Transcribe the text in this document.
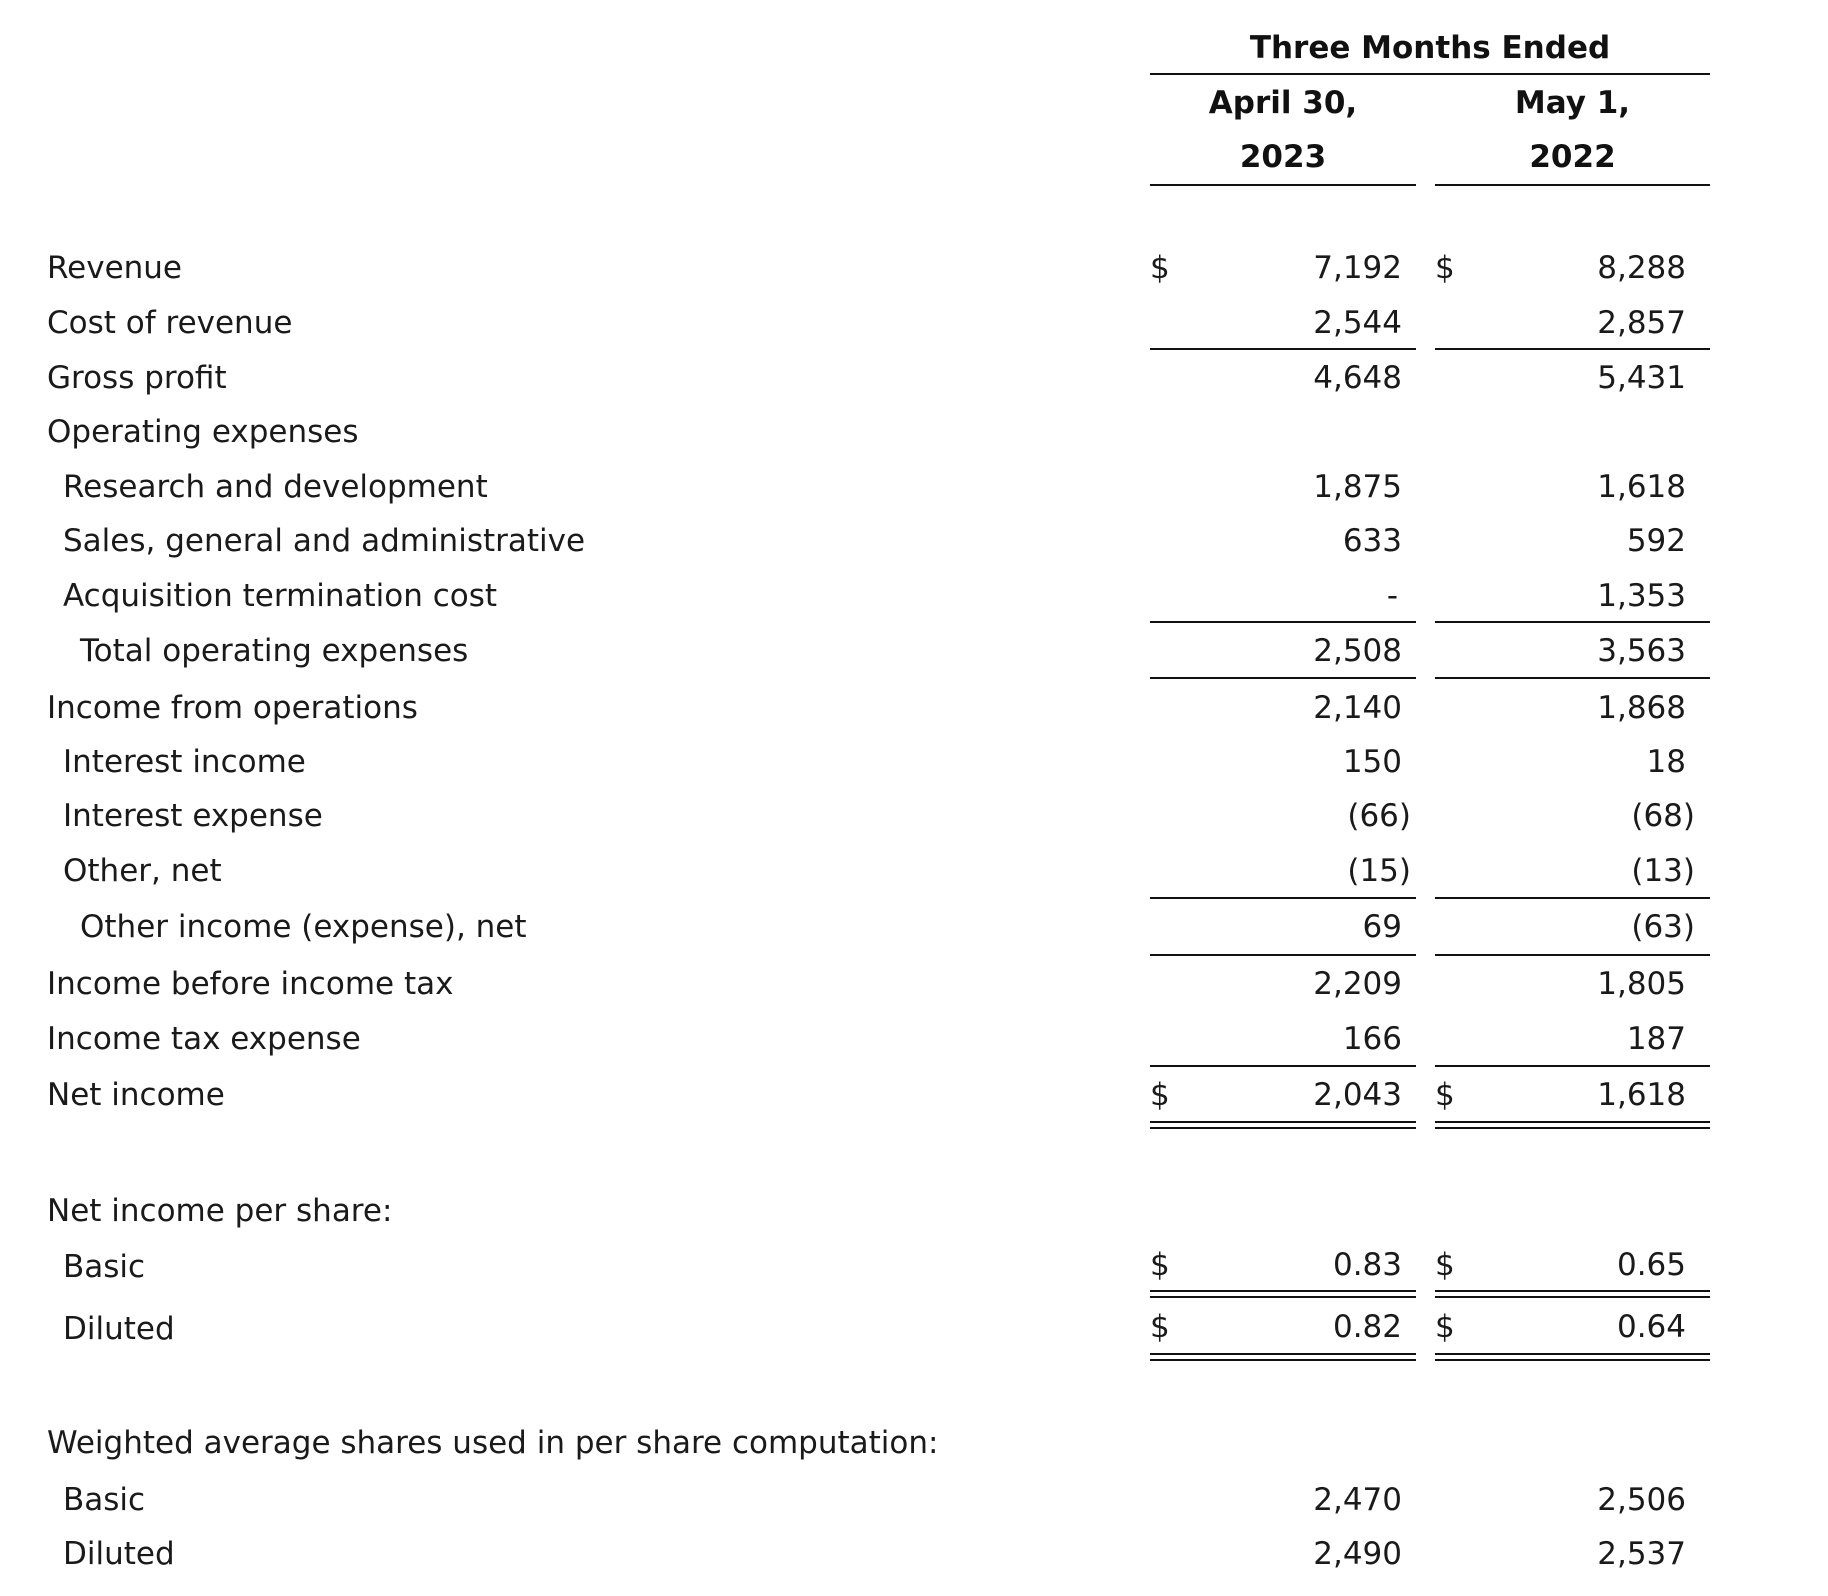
Three Months Ended
April 30,
2023
May 1,
2022
Revenue	$	7,192 $	8,288
Cost of revenue	2,544	2,857
Gross profit	4,648	5,431
Operating expenses
Research and development	1,875	1,618
Sales, general and administrative	633	592
Acquisition termination cost	-	1,353
Total operating expenses	2,508	3,563
Income from operations	2,140	1,868
Interest income	150	18
Interest expense	(66)	(68)
Other, net	(15)	(13)
Other income (expense), net	69	(63)
Income before income tax	2,209	1,805
Income tax expense	166	187
Net income	$	2,043 $	1,618
Net income per share:
Basic	$	0.83 $	0.65
Diluted	$	0.82 $	0.64
Weighted average shares used in per share computation:
Basic	2,470	2,506
Diluted	2,490	2,537
